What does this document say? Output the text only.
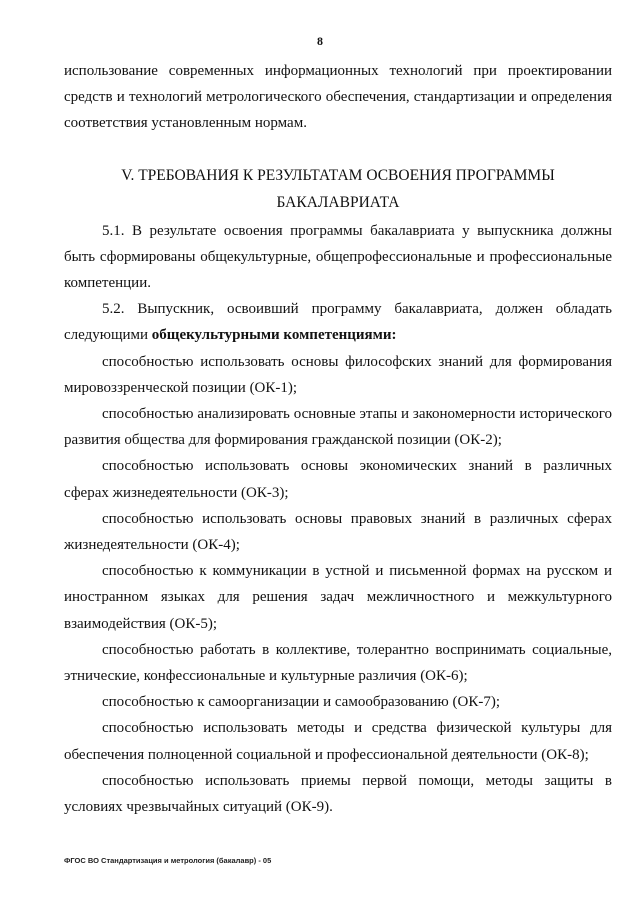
8

использование современных информационных технологий при проектировании средств и технологий метрологического обеспечения, стандартизации и определения соответствия установленным нормам.

V. ТРЕБОВАНИЯ К РЕЗУЛЬТАТАМ ОСВОЕНИЯ ПРОГРАММЫ
БАКАЛАВРИАТА

5.1. В результате освоения программы бакалавриата у выпускника должны быть сформированы общекультурные, общепрофессиональные и профессиональные компетенции.

5.2. Выпускник, освоивший программу бакалавриата, должен обладать следующими общекультурными компетенциями:

способностью использовать основы философских знаний для формирования мировоззренческой позиции (ОК-1);

способностью анализировать основные этапы и закономерности исторического развития общества для формирования гражданской позиции (ОК-2);

способностью использовать основы экономических знаний в различных сферах жизнедеятельности (ОК-3);

способностью использовать основы правовых знаний в различных сферах жизнедеятельности (ОК-4);

способностью к коммуникации в устной и письменной формах на русском и иностранном языках для решения задач межличностного и межкультурного взаимодействия (ОК-5);

способностью работать в коллективе, толерантно воспринимать социальные, этнические, конфессиональные и культурные различия (ОК-6);

способностью к самоорганизации и самообразованию (ОК-7);

способностью использовать методы и средства физической культуры для обеспечения полноценной социальной и профессиональной деятельности (ОК-8);

способностью использовать приемы первой помощи, методы защиты в условиях чрезвычайных ситуаций (ОК-9).

ФГОС ВО Стандартизация и метрология (бакалавр) - 05
